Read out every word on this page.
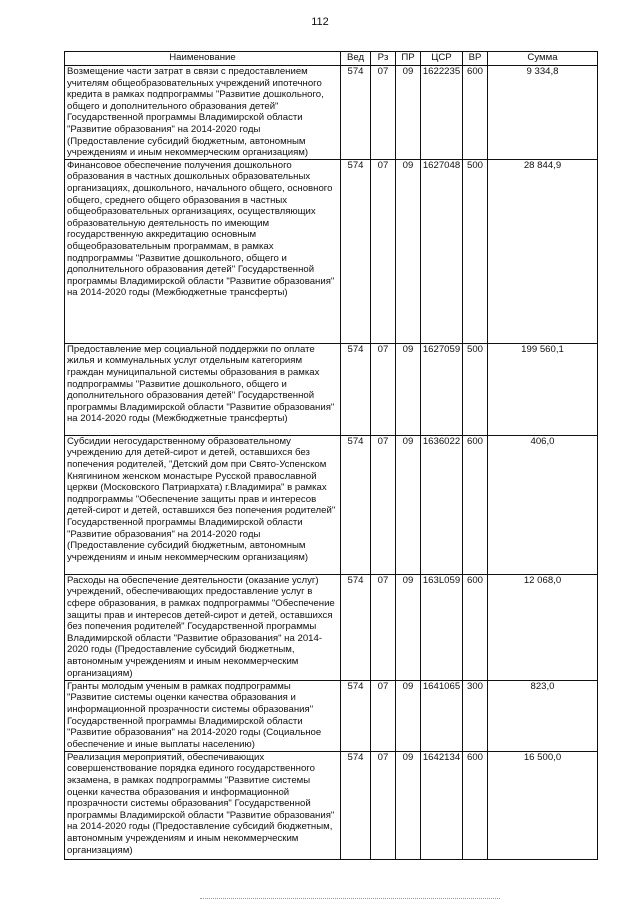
112
Наименование	Вед	Рз	ПР	ЦСР	ВР	Сумма
Возмещение части затрат в связи с предоставлением учителям общеобразовательных учреждений ипотечного кредита в рамках подпрограммы "Развитие дошкольного, общего и дополнительного образования детей" Государственной программы Владимирской области "Развитие образования" на 2014-2020 годы (Предоставление субсидий бюджетным, автономным учреждениям и иным некоммерческим организациям)	574	07	09	1622235	600	9 334,8
Финансовое обеспечение получения дошкольного образования в частных дошкольных образовательных организациях, дошкольного, начального общего, основного общего, среднего общего образования в частных общеобразовательных организациях, осуществляющих образовательную деятельность по имеющим государственную аккредитацию основным общеобразовательным программам, в рамках подпрограммы "Развитие дошкольного, общего и дополнительного образования детей" Государственной программы Владимирской области "Развитие образования" на 2014-2020 годы (Межбюджетные трансферты)	574	07	09	1627048	500	28 844,9
Предоставление мер социальной поддержки по оплате жилья и коммунальных услуг отдельным категориям граждан муниципальной системы образования в рамках подпрограммы "Развитие дошкольного, общего и дополнительного образования детей" Государственной программы Владимирской области "Развитие образования" на 2014-2020 годы (Межбюджетные трансферты)	574	07	09	1627059	500	199 560,1
Субсидии негосударственному образовательному учреждению для детей-сирот и детей, оставшихся без попечения родителей, "Детский дом при Свято-Успенском Княгинином женском монастыре Русской православной церкви (Московского Патриархата) г.Владимира" в рамках подпрограммы "Обеспечение защиты прав и интересов детей-сирот и детей, оставшихся без попечения родителей" Государственной программы Владимирской области "Развитие образования" на 2014-2020 годы (Предоставление субсидий бюджетным, автономным учреждениям и иным некоммерческим организациям)	574	07	09	1636022	600	406,0
Расходы на обеспечение деятельности (оказание услуг) учреждений, обеспечивающих предоставление услуг в сфере образования, в рамках подпрограммы "Обеспечение защиты прав и интересов детей-сирот и детей, оставшихся без попечения родителей" Государственной программы Владимирской области "Развитие образования" на 2014-2020 годы (Предоставление субсидий бюджетным, автономным учреждениям и иным некоммерческим организациям)	574	07	09	163L059	600	12 068,0
Гранты молодым ученым в рамках подпрограммы "Развитие системы оценки качества образования и информационной прозрачности системы образования" Государственной программы Владимирской области "Развитие образования" на 2014-2020 годы (Социальное обеспечение и иные выплаты населению)	574	07	09	1641065	300	823,0
Реализация мероприятий, обеспечивающих совершенствование порядка единого государственного экзамена, в рамках подпрограммы "Развитие системы оценки качества образования и информационной прозрачности системы образования" Государственной программы Владимирской области "Развитие образования" на 2014-2020 годы (Предоставление субсидий бюджетным, автономным учреждениям и иным некоммерческим организациям)	574	07	09	1642134	600	16 500,0
